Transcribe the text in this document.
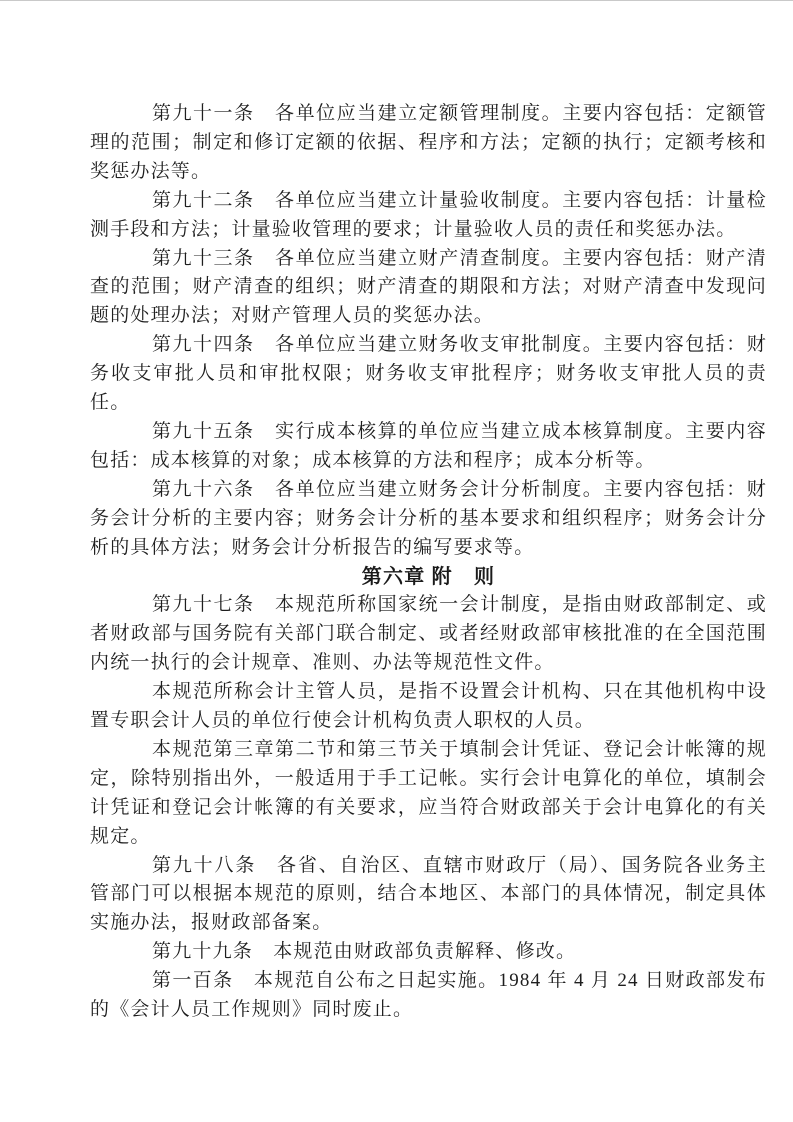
第九十一条　各单位应当建立定额管理制度。主要内容包括：定额管理的范围；制定和修订定额的依据、程序和方法；定额的执行；定额考核和奖惩办法等。

第九十二条　各单位应当建立计量验收制度。主要内容包括：计量检测手段和方法；计量验收管理的要求；计量验收人员的责任和奖惩办法。

第九十三条　各单位应当建立财产清查制度。主要内容包括：财产清查的范围；财产清查的组织；财产清查的期限和方法；对财产清查中发现问题的处理办法；对财产管理人员的奖惩办法。

第九十四条　各单位应当建立财务收支审批制度。主要内容包括：财务收支审批人员和审批权限；财务收支审批程序；财务收支审批人员的责任。

第九十五条　实行成本核算的单位应当建立成本核算制度。主要内容包括：成本核算的对象；成本核算的方法和程序；成本分析等。

第九十六条　各单位应当建立财务会计分析制度。主要内容包括：财务会计分析的主要内容；财务会计分析的基本要求和组织程序；财务会计分析的具体方法；财务会计分析报告的编写要求等。

第六章 附　则

第九十七条　本规范所称国家统一会计制度，是指由财政部制定、或者财政部与国务院有关部门联合制定、或者经财政部审核批准的在全国范围内统一执行的会计规章、准则、办法等规范性文件。

本规范所称会计主管人员，是指不设置会计机构、只在其他机构中设置专职会计人员的单位行使会计机构负责人职权的人员。

本规范第三章第二节和第三节关于填制会计凭证、登记会计帐簿的规定，除特别指出外，一般适用于手工记帐。实行会计电算化的单位，填制会计凭证和登记会计帐簿的有关要求，应当符合财政部关于会计电算化的有关规定。

第九十八条　各省、自治区、直辖市财政厅（局）、国务院各业务主管部门可以根据本规范的原则，结合本地区、本部门的具体情况，制定具体实施办法，报财政部备案。

第九十九条　本规范由财政部负责解释、修改。

第一百条　本规范自公布之日起实施。1984 年 4 月 24 日财政部发布的《会计人员工作规则》同时废止。
